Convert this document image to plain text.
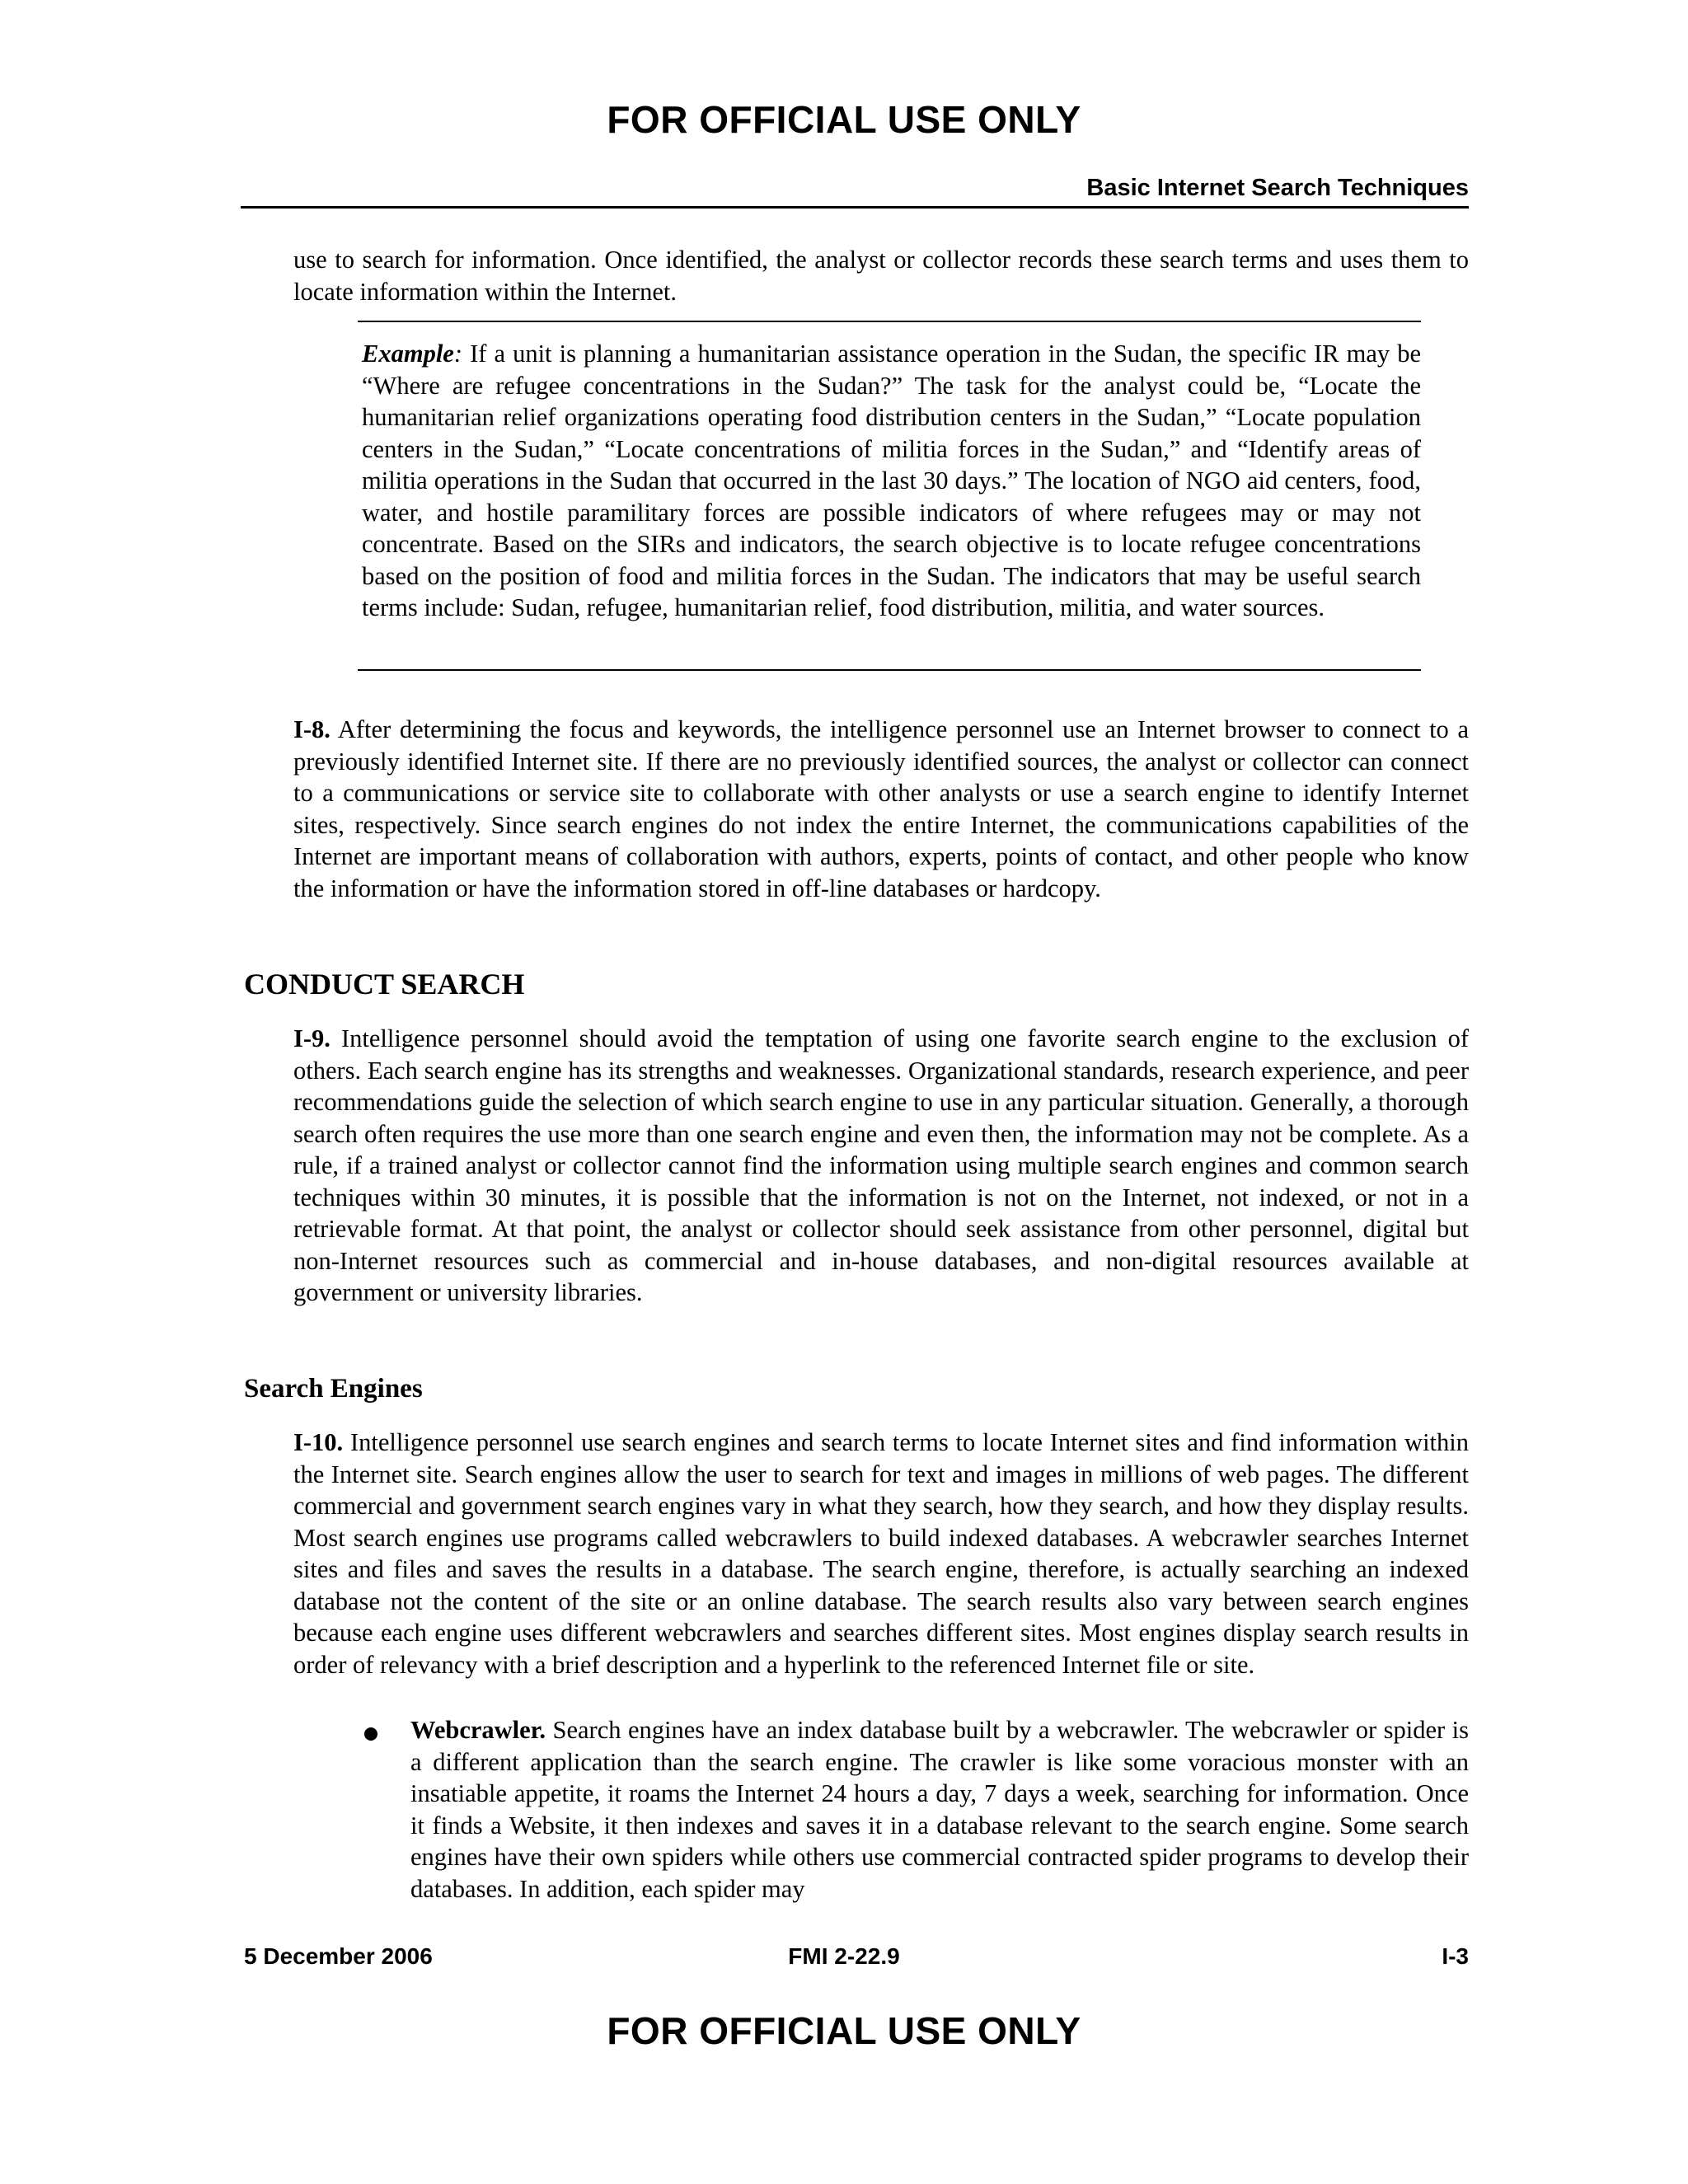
FOR OFFICIAL USE ONLY
Basic Internet Search Techniques

use to search for information. Once identified, the analyst or collector records these search terms and uses them to locate information within the Internet.

Example: If a unit is planning a humanitarian assistance operation in the Sudan, the specific IR may be “Where are refugee concentrations in the Sudan?” The task for the analyst could be, “Locate the humanitarian relief organizations operating food distribution centers in the Sudan,” “Locate population centers in the Sudan,” “Locate concentrations of militia forces in the Sudan,” and “Identify areas of militia operations in the Sudan that occurred in the last 30 days.” The location of NGO aid centers, food, water, and hostile paramilitary forces are possible indicators of where refugees may or may not concentrate. Based on the SIRs and indicators, the search objective is to locate refugee concentrations based on the position of food and militia forces in the Sudan. The indicators that may be useful search terms include: Sudan, refugee, humanitarian relief, food distribution, militia, and water sources.

I-8. After determining the focus and keywords, the intelligence personnel use an Internet browser to connect to a previously identified Internet site. If there are no previously identified sources, the analyst or collector can connect to a communications or service site to collaborate with other analysts or use a search engine to identify Internet sites, respectively. Since search engines do not index the entire Internet, the communications capabilities of the Internet are important means of collaboration with authors, experts, points of contact, and other people who know the information or have the information stored in off-line databases or hardcopy.

CONDUCT SEARCH

I-9. Intelligence personnel should avoid the temptation of using one favorite search engine to the exclusion of others. Each search engine has its strengths and weaknesses. Organizational standards, research experience, and peer recommendations guide the selection of which search engine to use in any particular situation. Generally, a thorough search often requires the use more than one search engine and even then, the information may not be complete. As a rule, if a trained analyst or collector cannot find the information using multiple search engines and common search techniques within 30 minutes, it is possible that the information is not on the Internet, not indexed, or not in a retrievable format. At that point, the analyst or collector should seek assistance from other personnel, digital but non-Internet resources such as commercial and in-house databases, and non-digital resources available at government or university libraries.

Search Engines

I-10. Intelligence personnel use search engines and search terms to locate Internet sites and find information within the Internet site. Search engines allow the user to search for text and images in millions of web pages. The different commercial and government search engines vary in what they search, how they search, and how they display results. Most search engines use programs called webcrawlers to build indexed databases. A webcrawler searches Internet sites and files and saves the results in a database. The search engine, therefore, is actually searching an indexed database not the content of the site or an online database. The search results also vary between search engines because each engine uses different webcrawlers and searches different sites. Most engines display search results in order of relevancy with a brief description and a hyperlink to the referenced Internet file or site.

Webcrawler. Search engines have an index database built by a webcrawler. The webcrawler or spider is a different application than the search engine. The crawler is like some voracious monster with an insatiable appetite, it roams the Internet 24 hours a day, 7 days a week, searching for information. Once it finds a Website, it then indexes and saves it in a database relevant to the search engine. Some search engines have their own spiders while others use commercial contracted spider programs to develop their databases. In addition, each spider may

5 December 2006	FMI 2-22.9	I-3
FOR OFFICIAL USE ONLY
